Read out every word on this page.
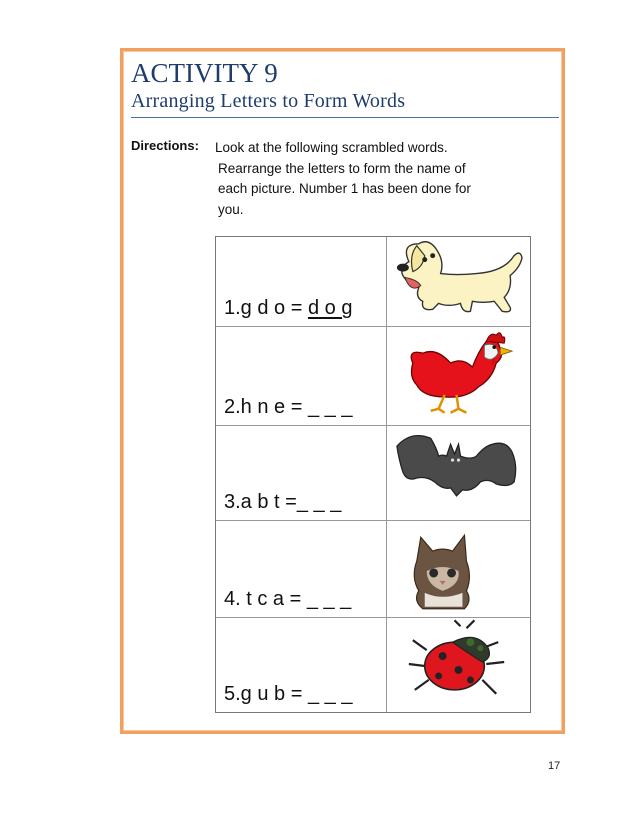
ACTIVITY 9
Arranging Letters to Form Words
Directions:	Look at the following scrambled words.
Rearrange the letters to form the name of
each picture. Number 1 has been done for
you.
1.g d o = d o g
2.h n e = _ _ _
3.a b t =_ _ _
4. t c a = _ _ _
5.g u b = _ _ _
17
